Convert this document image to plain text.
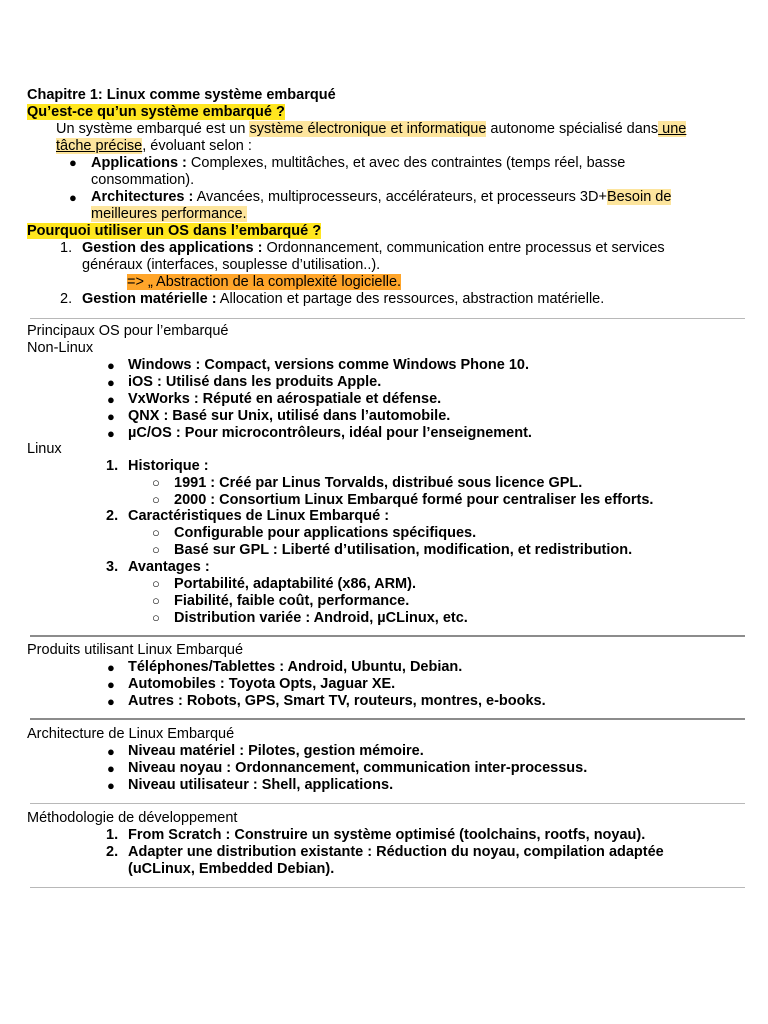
Chapitre 1: Linux comme système embarqué
Qu’est-ce qu’un système embarqué ?
Un système embarqué est un système électronique et informatique autonome spécialisé dans une
tâche précise, évoluant selon :
● Applications : Complexes, multitâches, et avec des contraintes (temps réel, basse
consommation).
● Architectures : Avancées, multiprocesseurs, accélérateurs, et processeurs 3D+Besoin de
meilleures performance.
Pourquoi utiliser un OS dans l’embarqué ?
1. Gestion des applications : Ordonnancement, communication entre processus et services
généraux (interfaces, souplesse d’utilisation..).
=> „ Abstraction de la complexité logicielle.
2. Gestion matérielle : Allocation et partage des ressources, abstraction matérielle.
Principaux OS pour l’embarqué
Non-Linux
● Windows : Compact, versions comme Windows Phone 10.
● iOS : Utilisé dans les produits Apple.
● VxWorks : Réputé en aérospatiale et défense.
● QNX : Basé sur Unix, utilisé dans l’automobile.
● µC/OS : Pour microcontrôleurs, idéal pour l’enseignement.
Linux
1. Historique :
○ 1991 : Créé par Linus Torvalds, distribué sous licence GPL.
○ 2000 : Consortium Linux Embarqué formé pour centraliser les efforts.
2. Caractéristiques de Linux Embarqué :
○ Configurable pour applications spécifiques.
○ Basé sur GPL : Liberté d’utilisation, modification, et redistribution.
3. Avantages :
○ Portabilité, adaptabilité (x86, ARM).
○ Fiabilité, faible coût, performance.
○ Distribution variée : Android, µCLinux, etc.
Produits utilisant Linux Embarqué
● Téléphones/Tablettes : Android, Ubuntu, Debian.
● Automobiles : Toyota Opts, Jaguar XE.
● Autres : Robots, GPS, Smart TV, routeurs, montres, e-books.
Architecture de Linux Embarqué
● Niveau matériel : Pilotes, gestion mémoire.
● Niveau noyau : Ordonnancement, communication inter-processus.
● Niveau utilisateur : Shell, applications.
Méthodologie de développement
1. From Scratch : Construire un système optimisé (toolchains, rootfs, noyau).
2. Adapter une distribution existante : Réduction du noyau, compilation adaptée
(uCLinux, Embedded Debian).
